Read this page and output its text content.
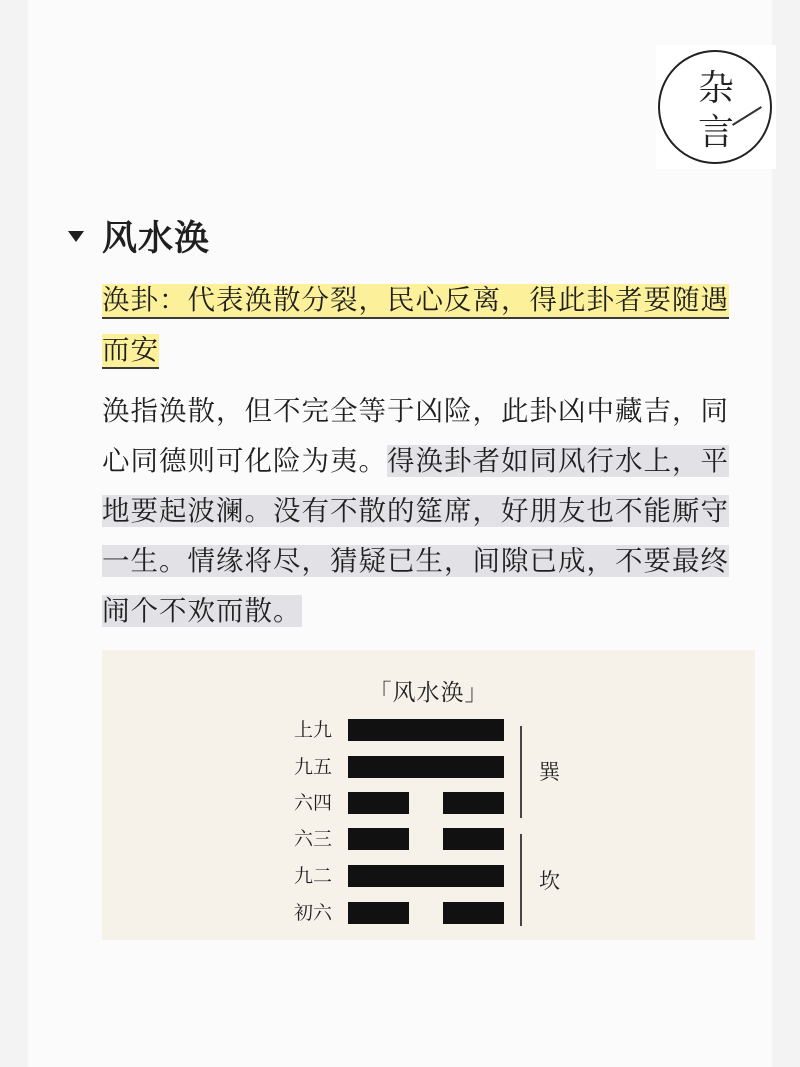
杂
言
风水涣

涣卦：代表涣散分裂，民心反离，得此卦者要随遇而安

涣指涣散，但不完全等于凶险，此卦凶中藏吉，同心同德则可化险为夷。得涣卦者如同风行水上，平地要起波澜。没有不散的筵席，好朋友也不能厮守一生。情缘将尽，猜疑已生，间隙已成，不要最终闹个不欢而散。

「风水涣」
上九
九五
六四
六三
九二
初六
巽
坎
